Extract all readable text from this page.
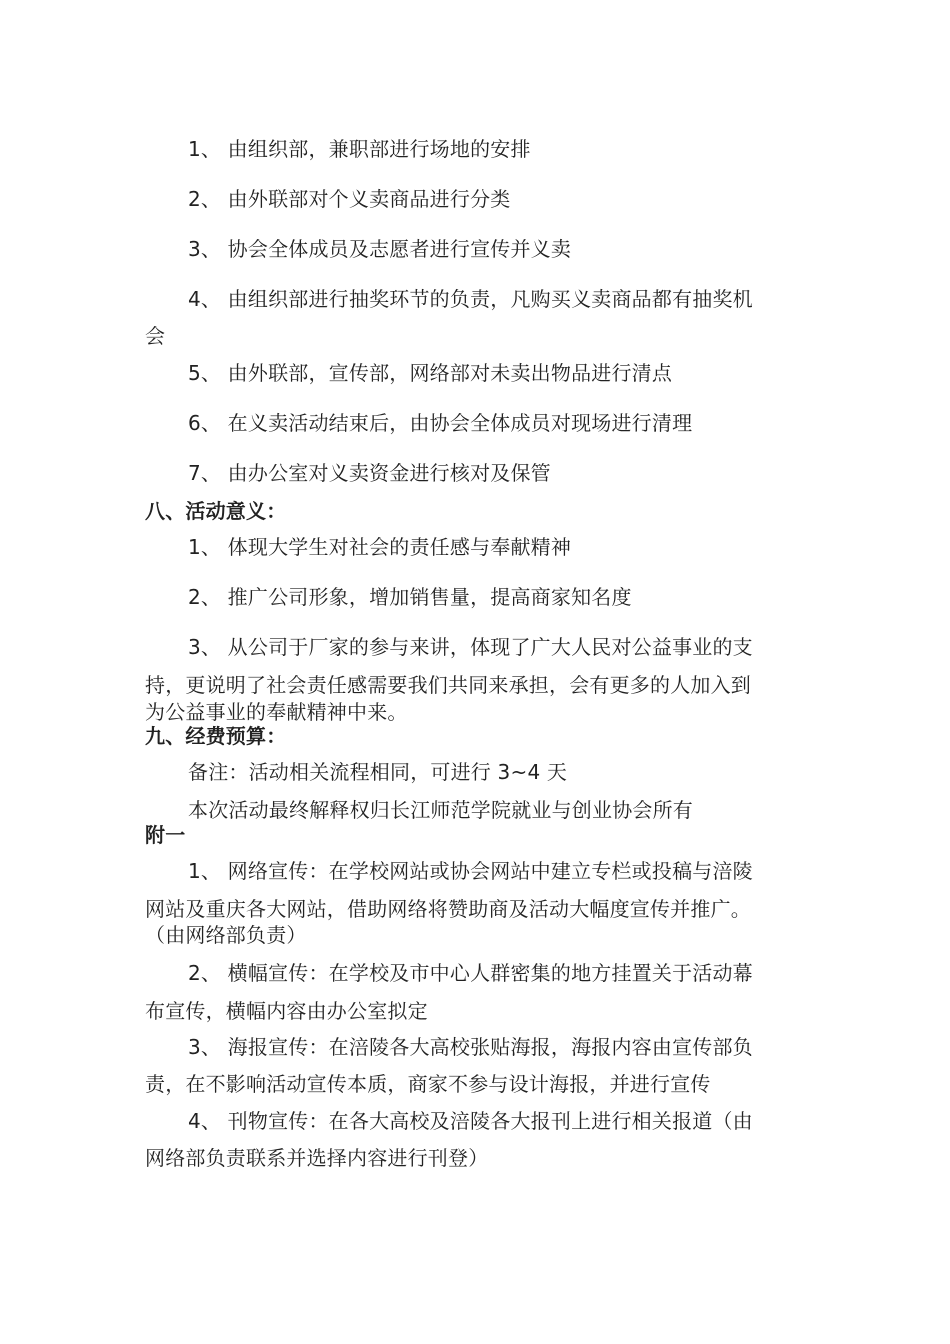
1、 由组织部，兼职部进行场地的安排
2、 由外联部对个义卖商品进行分类
3、 协会全体成员及志愿者进行宣传并义卖
4、 由组织部进行抽奖环节的负责，凡购买义卖商品都有抽奖机
会
5、 由外联部，宣传部，网络部对未卖出物品进行清点
6、 在义卖活动结束后，由协会全体成员对现场进行清理
7、 由办公室对义卖资金进行核对及保管
八、活动意义：
1、 体现大学生对社会的责任感与奉献精神
2、 推广公司形象，增加销售量，提高商家知名度
3、 从公司于厂家的参与来讲，体现了广大人民对公益事业的支
持，更说明了社会责任感需要我们共同来承担，会有更多的人加入到
为公益事业的奉献精神中来。
九、经费预算：
备注：活动相关流程相同，可进行 3~4 天
本次活动最终解释权归长江师范学院就业与创业协会所有
附一
1、 网络宣传：在学校网站或协会网站中建立专栏或投稿与涪陵
网站及重庆各大网站，借助网络将赞助商及活动大幅度宣传并推广。
（由网络部负责）
2、 横幅宣传：在学校及市中心人群密集的地方挂置关于活动幕
布宣传，横幅内容由办公室拟定
3、 海报宣传：在涪陵各大高校张贴海报，海报内容由宣传部负
责，在不影响活动宣传本质，商家不参与设计海报，并进行宣传
4、 刊物宣传：在各大高校及涪陵各大报刊上进行相关报道（由
网络部负责联系并选择内容进行刊登）
